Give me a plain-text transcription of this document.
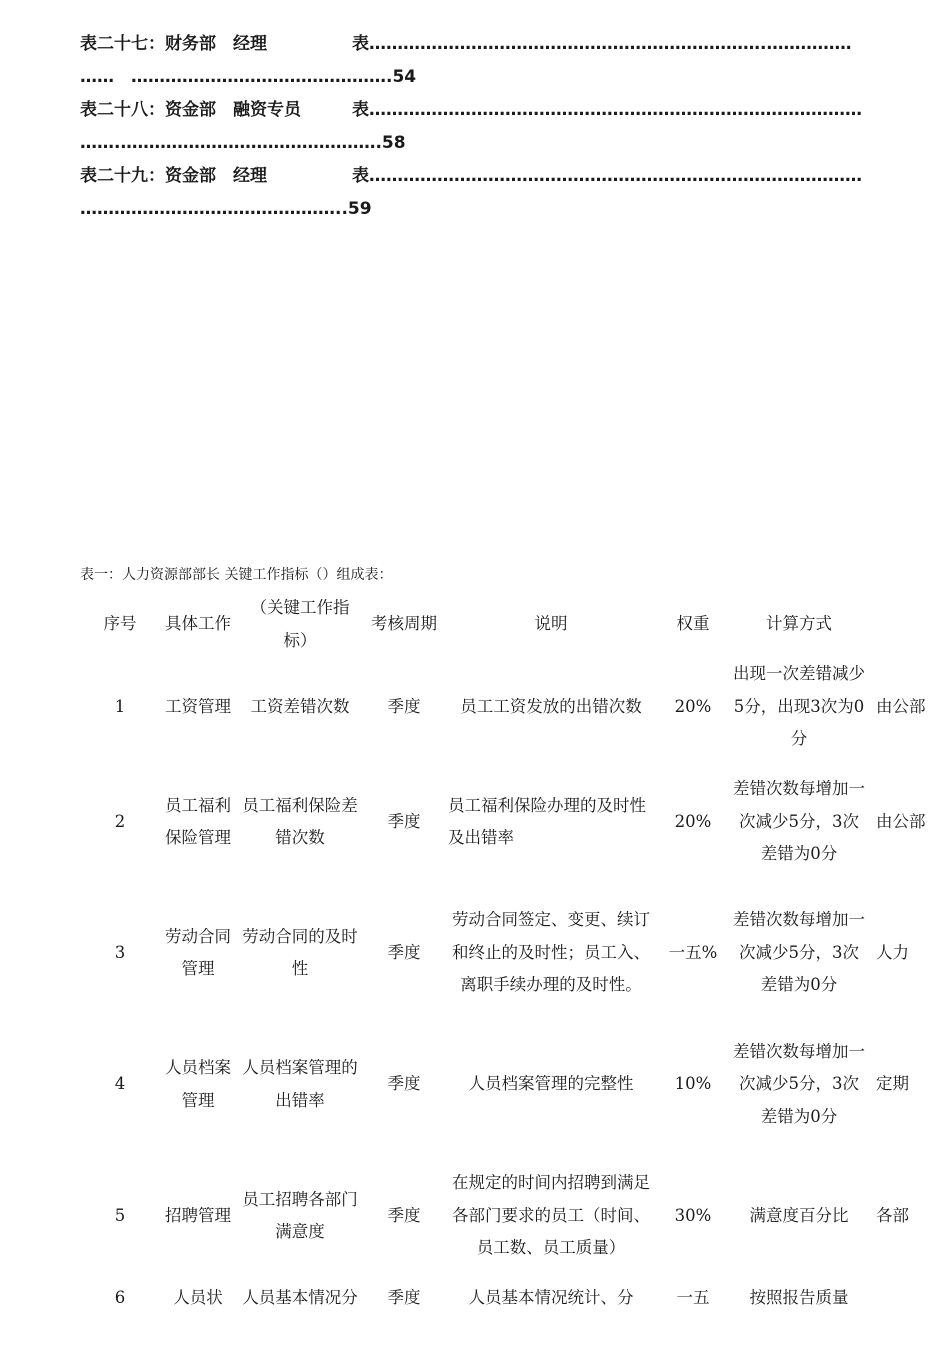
表二十七：财务部　经理　　　　　表…………………………………………………………….……………
……　……………………………………….54
表二十八：资金部　融资专员　　　表……………………………………………………………………………
…….……………………………………….58
表二十九：资金部　经理　　　　　表……………………………………………………………………………
………………………………………..59
表一：人力资源部部长 关键工作指标（）组成表：
序号	具体工作	（关键工作指标）	考核周期	说明	权重	计算方式	
1	工资管理	工资差错次数	季度	员工工资发放的出错次数	20%	出现一次差错减少5分，出现3次为0分	由公部
2	员工福利保险管理	员工福利保险差错次数	季度	员工福利保险办理的及时性及出错率	20%	差错次数每增加一次减少5分，3次差错为0分	由公部
3	劳动合同管理	劳动合同的及时性	季度	劳动合同签定、变更、续订和终止的及时性；员工入、离职手续办理的及时性。	一五%	差错次数每增加一次减少5分，3次差错为0分	人力
4	人员档案管理	人员档案管理的出错率	季度	人员档案管理的完整性	10%	差错次数每增加一次减少5分，3次差错为0分	定期
5	招聘管理	员工招聘各部门满意度	季度	在规定的时间内招聘到满足各部门要求的员工（时间、员工数、员工质量）	30%	满意度百分比	各部
6	人员状	人员基本情况分	季度	人员基本情况统计、分	一五	按照报告质量	
